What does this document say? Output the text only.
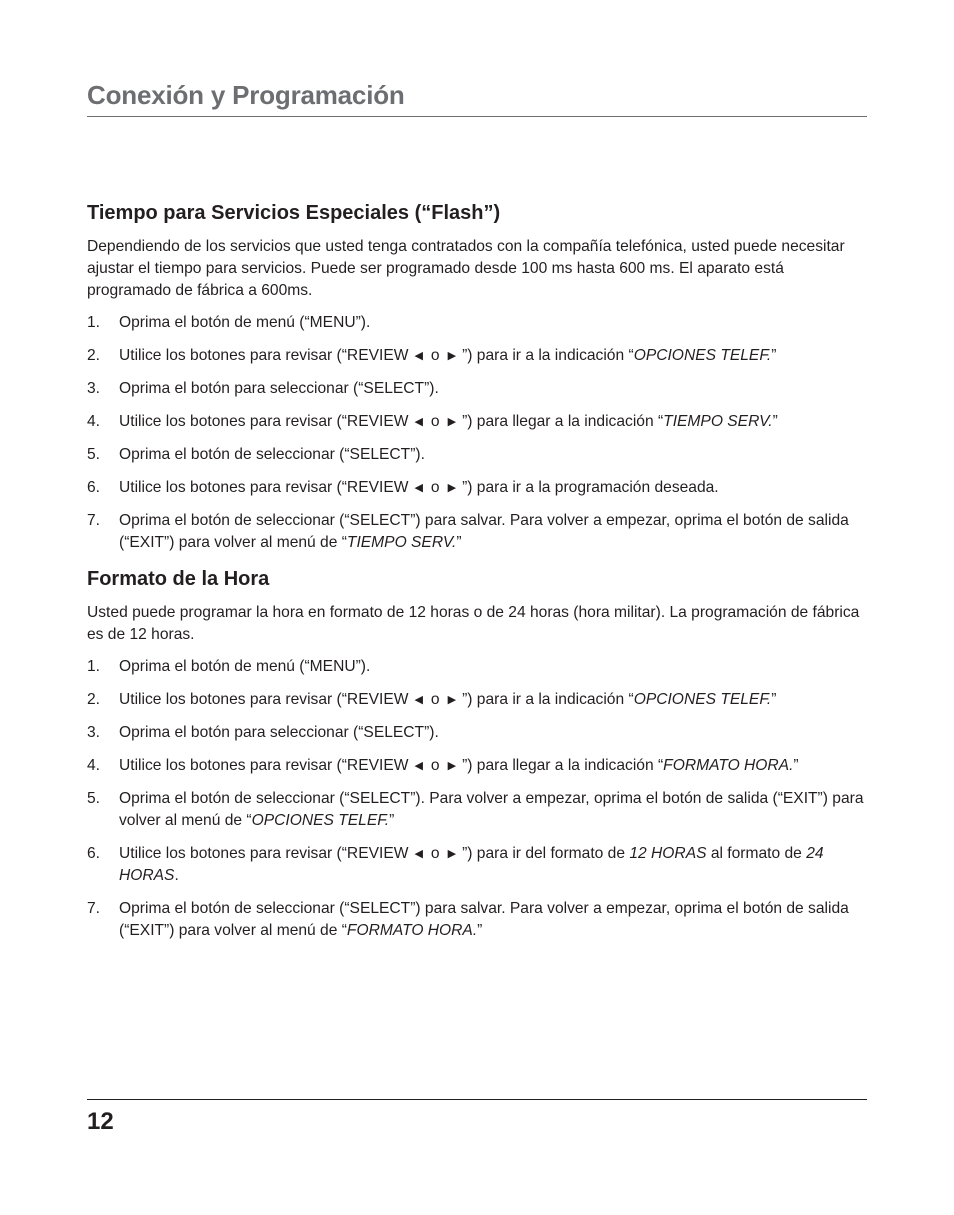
Conexión y Programación
Tiempo para Servicios Especiales (“Flash”)

Dependiendo de los servicios que usted tenga contratados con la compañía telefónica, usted puede necesitar ajustar el tiempo para servicios. Puede ser programado desde 100 ms hasta 600 ms. El aparato está programado de fábrica a 600ms.

1. Oprima el botón de menú (“MENU”).
2. Utilice los botones para revisar (“REVIEW ◀ o ▶ ”) para ir a la indicación “OPCIONES TELEF.”
3. Oprima el botón para seleccionar (“SELECT”).
4. Utilice los botones para revisar (“REVIEW ◀ o ▶ ”) para llegar a la indicación “TIEMPO SERV.”
5. Oprima el botón de seleccionar (“SELECT”).
6. Utilice los botones para revisar (“REVIEW ◀ o ▶ ”) para ir a la programación deseada.
7. Oprima el botón de seleccionar (“SELECT”) para salvar. Para volver a empezar, oprima el botón de salida (“EXIT”) para volver al menú de “TIEMPO SERV.”
Formato de la Hora

Usted puede programar la hora en formato de 12 horas o de 24 horas (hora militar). La programación de fábrica es de 12 horas.

1. Oprima el botón de menú (“MENU”).
2. Utilice los botones para revisar (“REVIEW ◀ o ▶ ”) para ir a la indicación “OPCIONES TELEF.”
3. Oprima el botón para seleccionar (“SELECT”).
4. Utilice los botones para revisar (“REVIEW ◀ o ▶ ”) para llegar a la indicación “FORMATO HORA.”
5. Oprima el botón de seleccionar (“SELECT”). Para volver a empezar, oprima el botón de salida (“EXIT”) para volver al menú de “OPCIONES TELEF.”
6. Utilice los botones para revisar (“REVIEW ◀ o ▶ ”) para ir del formato de 12 HORAS al formato de 24 HORAS.
7. Oprima el botón de seleccionar (“SELECT”) para salvar. Para volver a empezar, oprima el botón de salida (“EXIT”) para volver al menú de “FORMATO HORA.”
12
